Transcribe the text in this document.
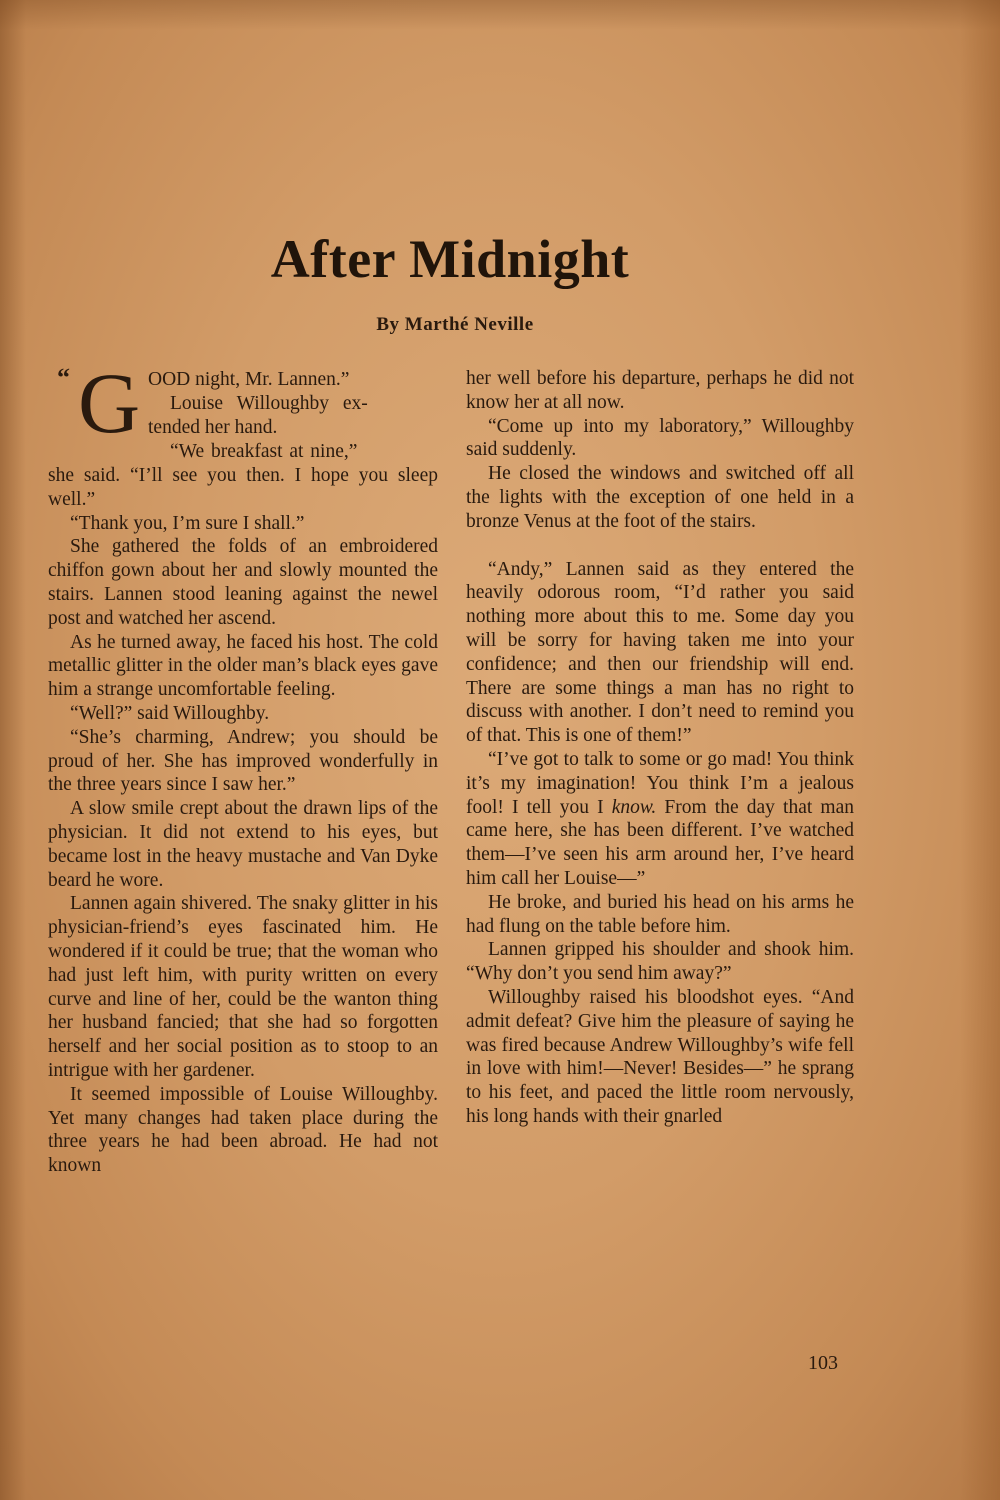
After Midnight
By Marthé Neville
“ G OOD night, Mr. Lannen.”
Louise Willoughby ex-
tended her hand.
“We breakfast at nine,”

she said. “I’ll see you then. I hope you sleep well.”

“Thank you, I’m sure I shall.”

She gathered the folds of an embroidered chiffon gown about her and slowly mounted the stairs. Lannen stood leaning against the newel post and watched her ascend.

As he turned away, he faced his host. The cold metallic glitter in the older man’s black eyes gave him a strange uncomfortable feeling.

“Well?” said Willoughby.

“She’s charming, Andrew; you should be proud of her. She has improved wonderfully in the three years since I saw her.”

A slow smile crept about the drawn lips of the physician. It did not extend to his eyes, but became lost in the heavy mustache and Van Dyke beard he wore.

Lannen again shivered. The snaky glitter in his physician-friend’s eyes fascinated him. He wondered if it could be true; that the woman who had just left him, with purity written on every curve and line of her, could be the wanton thing her husband fancied; that she had so forgotten herself and her social position as to stoop to an intrigue with her gardener.

It seemed impossible of Louise Willoughby. Yet many changes had taken place during the three years he had been abroad. He had not known

her well before his departure, perhaps he did not know her at all now.

“Come up into my laboratory,” Willoughby said suddenly.

He closed the windows and switched off all the lights with the exception of one held in a bronze Venus at the foot of the stairs.

“Andy,” Lannen said as they entered the heavily odorous room, “I’d rather you said nothing more about this to me. Some day you will be sorry for having taken me into your confidence; and then our friendship will end. There are some things a man has no right to discuss with another. I don’t need to remind you of that. This is one of them!”

“I’ve got to talk to some or go mad! You think it’s my imagination! You think I’m a jealous fool! I tell you I know. From the day that man came here, she has been different. I’ve watched them—I’ve seen his arm around her, I’ve heard him call her Louise—”

He broke, and buried his head on his arms he had flung on the table before him.

Lannen gripped his shoulder and shook him. “Why don’t you send him away?”

Willoughby raised his bloodshot eyes. “And admit defeat? Give him the pleasure of saying he was fired because Andrew Willoughby’s wife fell in love with him!—Never! Besides—” he sprang to his feet, and paced the little room nervously, his long hands with their gnarled

103
